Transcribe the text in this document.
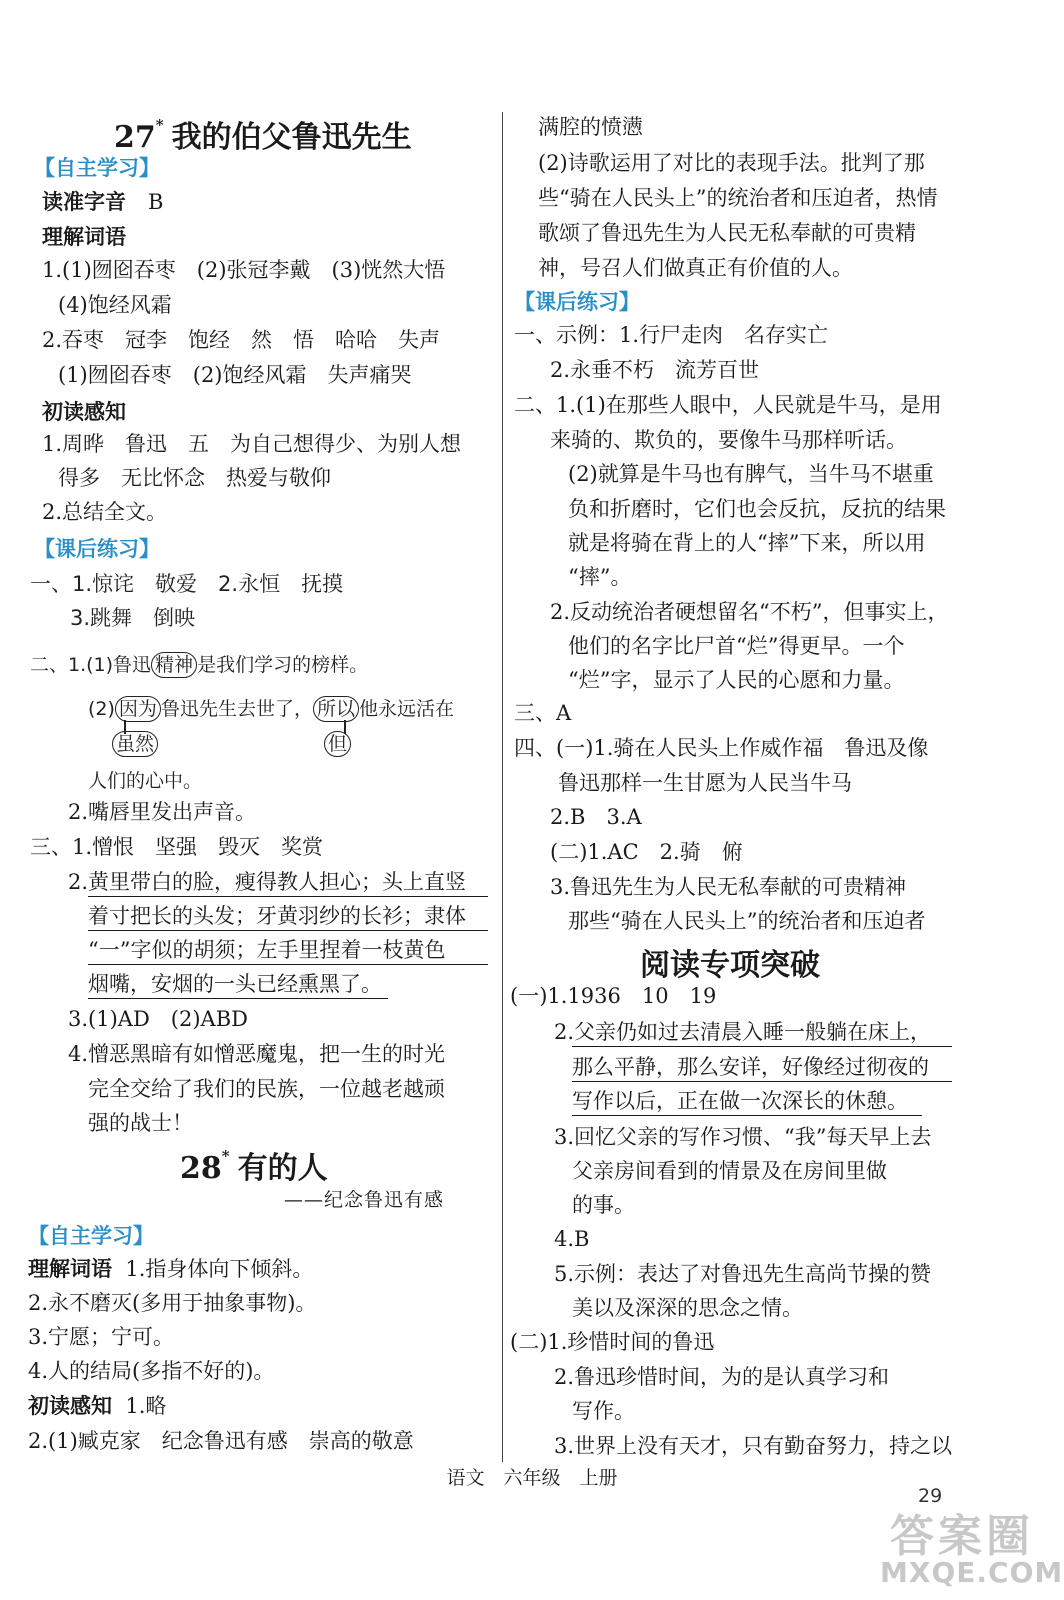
27* 我的伯父鲁迅先生
【自主学习】
读准字音 B
理解词语
1.(1)囫囵吞枣　(2)张冠李戴　(3)恍然大悟
(4)饱经风霜
2.吞枣　冠李　饱经　然　悟　哈哈　失声
(1)囫囵吞枣　(2)饱经风霜　失声痛哭
初读感知
1.周晔　鲁迅　五　为自己想得少、为别人想
得多　无比怀念　热爱与敬仰
2.总结全文。
【课后练习】
一、1.惊诧　敬爱　2.永恒　抚摸
3.跳舞　倒映
二、1.(1)鲁迅 精神 是我们学习的榜样。
(2) 因为 鲁迅先生去世了， 所以 他永远活在
虽然	但
人们的心中。
2.嘴唇里发出声音。
三、1.憎恨　坚强　毁灭　奖赏
2.黄里带白的脸，瘦得教人担心；头上直竖
着寸把长的头发；牙黄羽纱的长衫；隶体
“一”字似的胡须；左手里捏着一枝黄色
烟嘴，安烟的一头已经熏黑了。
3.(1)AD　(2)ABD
4.憎恶黑暗有如憎恶魔鬼，把一生的时光
完全交给了我们的民族，一位越老越顽
强的战士！
28* 有的人
——纪念鲁迅有感
【自主学习】
理解词语 1.指身体向下倾斜。
2.永不磨灭(多用于抽象事物)。
3.宁愿；宁可。
4.人的结局(多指不好的)。
初读感知 1.略
2.(1)臧克家　纪念鲁迅有感　崇高的敬意
满腔的愤懑
(2)诗歌运用了对比的表现手法。批判了那
些“骑在人民头上”的统治者和压迫者，热情
歌颂了鲁迅先生为人民无私奉献的可贵精
神，号召人们做真正有价值的人。
【课后练习】
一、示例：1.行尸走肉　名存实亡
2.永垂不朽　流芳百世
二、1.(1)在那些人眼中，人民就是牛马，是用
来骑的、欺负的，要像牛马那样听话。
(2)就算是牛马也有脾气，当牛马不堪重
负和折磨时，它们也会反抗，反抗的结果
就是将骑在背上的人“摔”下来，所以用
“摔”。
2.反动统治者硬想留名“不朽”，但事实上，
他们的名字比尸首“烂”得更早。一个
“烂”字，显示了人民的心愿和力量。
三、A
四、(一)1.骑在人民头上作威作福　鲁迅及像
鲁迅那样一生甘愿为人民当牛马
2.B　3.A
(二)1.AC　2.骑　俯
3.鲁迅先生为人民无私奉献的可贵精神
那些“骑在人民头上”的统治者和压迫者
阅读专项突破
(一)1.1936　10　19
2.父亲仍如过去清晨入睡一般躺在床上，
那么平静，那么安详，好像经过彻夜的
写作以后，正在做一次深长的休憩。
3.回忆父亲的写作习惯、“我”每天早上去
父亲房间看到的情景及在房间里做
的事。
4.B
5.示例：表达了对鲁迅先生高尚节操的赞
美以及深深的思念之情。
(二)1.珍惜时间的鲁迅
2.鲁迅珍惜时间，为的是认真学习和
写作。
3.世界上没有天才，只有勤奋努力，持之以
语文　六年级　上册
29
答案圈
MXQE.COM
